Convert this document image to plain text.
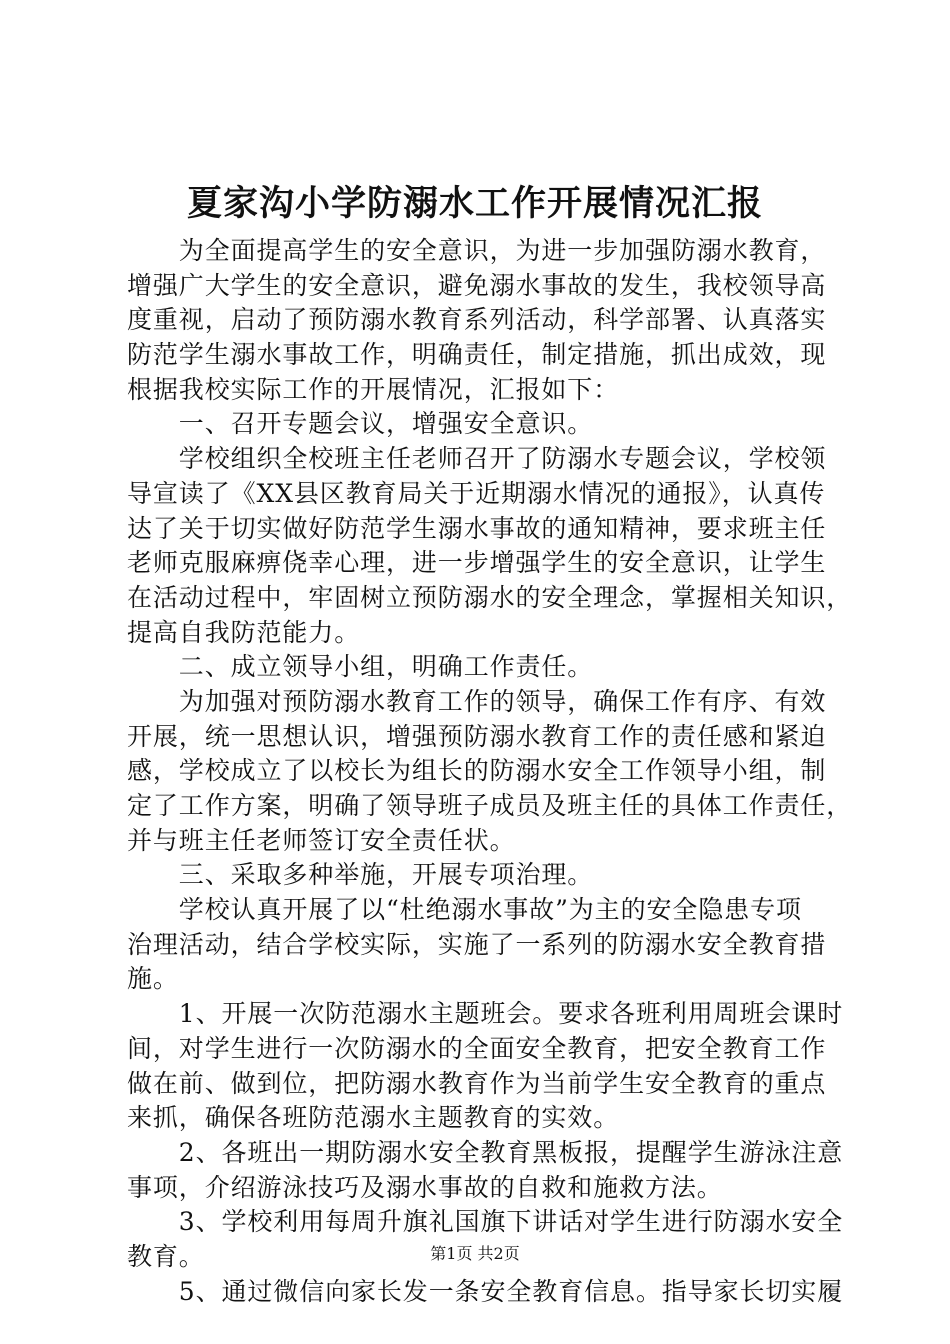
夏家沟小学防溺水工作开展情况汇报
　　为全面提高学生的安全意识，为进一步加强防溺水教育，
增强广大学生的安全意识，避免溺水事故的发生，我校领导高
度重视，启动了预防溺水教育系列活动，科学部署、认真落实
防范学生溺水事故工作，明确责任，制定措施，抓出成效，现
根据我校实际工作的开展情况，汇报如下：
　　一、召开专题会议，增强安全意识。
　　学校组织全校班主任老师召开了防溺水专题会议，学校领
导宣读了《XX县区教育局关于近期溺水情况的通报》，认真传
达了关于切实做好防范学生溺水事故的通知精神，要求班主任
老师克服麻痹侥幸心理，进一步增强学生的安全意识，让学生
在活动过程中，牢固树立预防溺水的安全理念，掌握相关知识，
提高自我防范能力。
　　二、成立领导小组，明确工作责任。
　　为加强对预防溺水教育工作的领导，确保工作有序、有效
开展，统一思想认识，增强预防溺水教育工作的责任感和紧迫
感，学校成立了以校长为组长的防溺水安全工作领导小组，制
定了工作方案，明确了领导班子成员及班主任的具体工作责任，
并与班主任老师签订安全责任状。
　　三、采取多种举施，开展专项治理。
　　学校认真开展了以“杜绝溺水事故”为主的安全隐患专项
治理活动，结合学校实际，实施了一系列的防溺水安全教育措
施。
　　1、开展一次防范溺水主题班会。要求各班利用周班会课时
间，对学生进行一次防溺水的全面安全教育，把安全教育工作
做在前、做到位，把防溺水教育作为当前学生安全教育的重点
来抓，确保各班防范溺水主题教育的实效。
　　2、各班出一期防溺水安全教育黑板报，提醒学生游泳注意
事项，介绍游泳技巧及溺水事故的自救和施救方法。
　　3、学校利用每周升旗礼国旗下讲话对学生进行防溺水安全
教育。
　　5、通过微信向家长发一条安全教育信息。指导家长切实履
第1页 共2页
